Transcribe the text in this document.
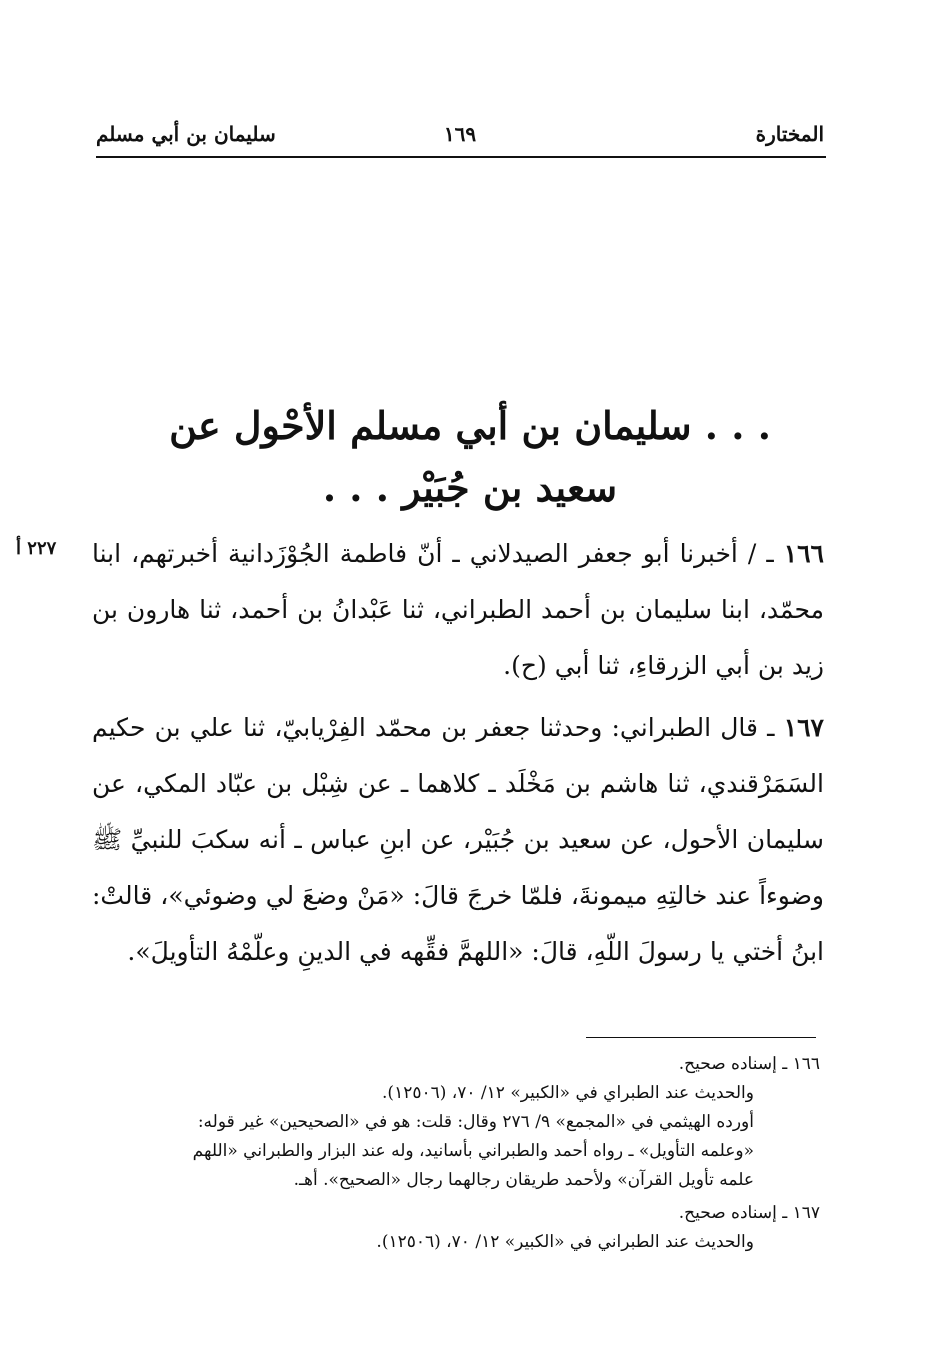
المختارة
١٦٩
سليمان بن أبي مسلم
. . . سليمان بن أبي مسلم الأحْول عن
سعيد بن جُبَيْر . . .
٢٢٧ أ	١٦٦ ـ / أخبرنا أبو جعفر الصيدلاني ـ أنّ فاطمة الجُوْزَدانية أخبرتهم، ابنا محمّد، ابنا سليمان بن أحمد الطبراني، ثنا عَبْدانُ بن أحمد، ثنا هارون بن زيد بن أبي الزرقاءِ، ثنا أبي (ح).
١٦٧ ـ قال الطبراني: وحدثنا جعفر بن محمّد الفِرْيابيّ، ثنا علي بن حكيم السَمَرْقندي، ثنا هاشم بن مَخْلَد ـ كلاهما ـ عن شِبْل بن عبّاد المكي، عن سليمان الأحول، عن سعيد بن جُبَيْر، عن ابنِ عباس ـ أنه سكبَ للنبيِّ ﷺ وضوءاً عند خالتِهِ ميمونةَ، فلمّا خرجَ قالَ: «مَنْ وضعَ لي وضوئي»، قالتْ: ابنُ أختي يا رسولَ اللّهِ، قالَ: «اللهمَّ فقِّهه في الدينِ وعلّمْهُ التأويلَ».
١٦٦ ـ إسناده صحيح.
والحديث عند الطبراي في «الكبير» ١٢/ ٧٠، (١٢٥٠٦).
أورده الهيثمي في «المجمع» ٩/ ٢٧٦ وقال: قلت: هو في «الصحيحين» غير قوله:
«وعلمه التأويل» ـ رواه أحمد والطبراني بأسانيد، وله عند البزار والطبراني «اللهم
علمه تأويل القرآن» ولأحمد طريقان رجالهما رجال «الصحيح». أهـ.
١٦٧ ـ إسناده صحيح.
والحديث عند الطبراني في «الكبير» ١٢/ ٧٠، (١٢٥٠٦).
